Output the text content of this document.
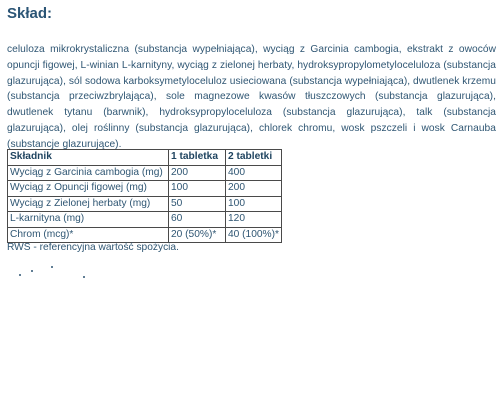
Skład:

celuloza mikrokrystaliczna (substancja wypełniająca), wyciąg z Garcinia cambogia, ekstrakt z owoców opuncji figowej, L-winian L-karnityny, wyciąg z zielonej herbaty, hydroksypropylometyloceluloza (substancja glazurująca), sól sodowa karboksymetyloceluloz usieciowana (substancja wypełniająca), dwutlenek krzemu (substancja przeciwzbrylająca), sole magnezowe kwasów tłuszczowych (substancja glazurująca), dwutlenek tytanu (barwnik), hydroksypropyloceluloza (substancja glazurująca), talk (substancja glazurująca), olej roślinny (substancja glazurująca), chlorek chromu, wosk pszczeli i wosk Carnauba (substancje glazurujące).

Składnik	1 tabletka	2 tabletki
Wyciąg z Garcinia cambogia (mg)	200	400
Wyciąg z Opuncji figowej (mg)	100	200
Wyciąg z Zielonej herbaty (mg)	50	100
L-karnityna (mg)	60	120
Chrom (mcg)*	20 (50%)*	40 (100%)*

RWS - referencyjna wartość spożycia.
